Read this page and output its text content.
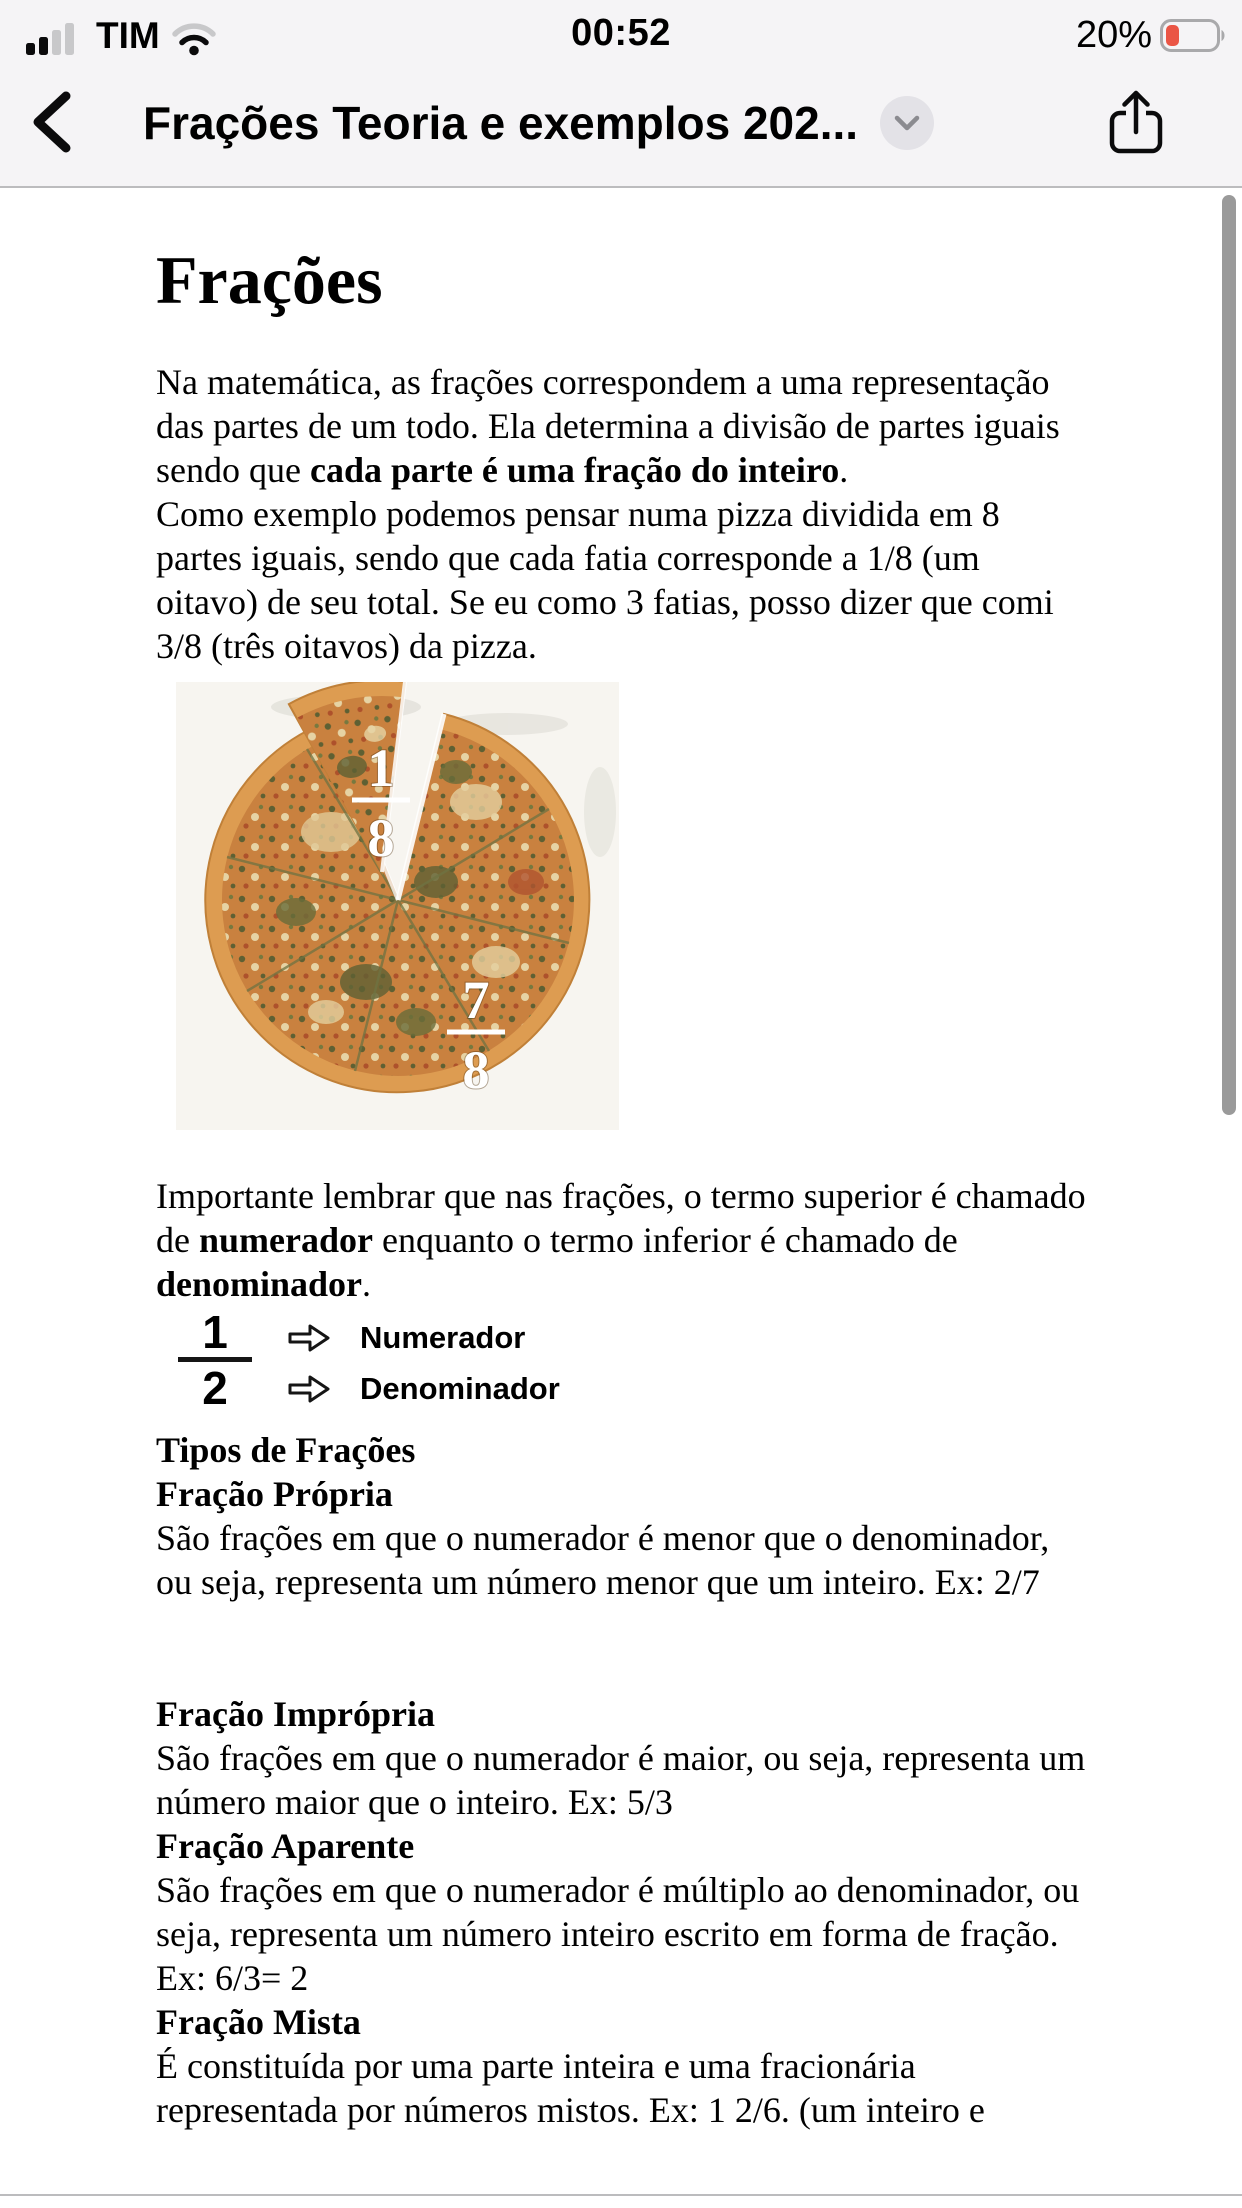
TIM	00:52	20%
Frações Teoria e exemplos 202...
Frações

Na matemática, as frações correspondem a uma representação das partes de um todo. Ela determina a divisão de partes iguais sendo que cada parte é uma fração do inteiro.

Como exemplo podemos pensar numa pizza dividida em 8 partes iguais, sendo que cada fatia corresponde a 1/8 (um oitavo) de seu total. Se eu como 3 fatias, posso dizer que comi 3/8 (três oitavos) da pizza.

1
8
7
8

Importante lembrar que nas frações, o termo superior é chamado de numerador enquanto o termo inferior é chamado de denominador.

$\frac{1}{2}$	Numerador
Denominador
Tipos de Frações
Fração Própria
São frações em que o numerador é menor que o denominador, ou seja, representa um número menor que um inteiro. Ex: 2/7
Fração Imprópria
São frações em que o numerador é maior, ou seja, representa um número maior que o inteiro. Ex: 5/3
Fração Aparente
São frações em que o numerador é múltiplo ao denominador, ou seja, representa um número inteiro escrito em forma de fração. Ex: 6/3= 2
Fração Mista
É constituída por uma parte inteira e uma fracionária representada por números mistos. Ex: 1 2/6. (um inteiro e
